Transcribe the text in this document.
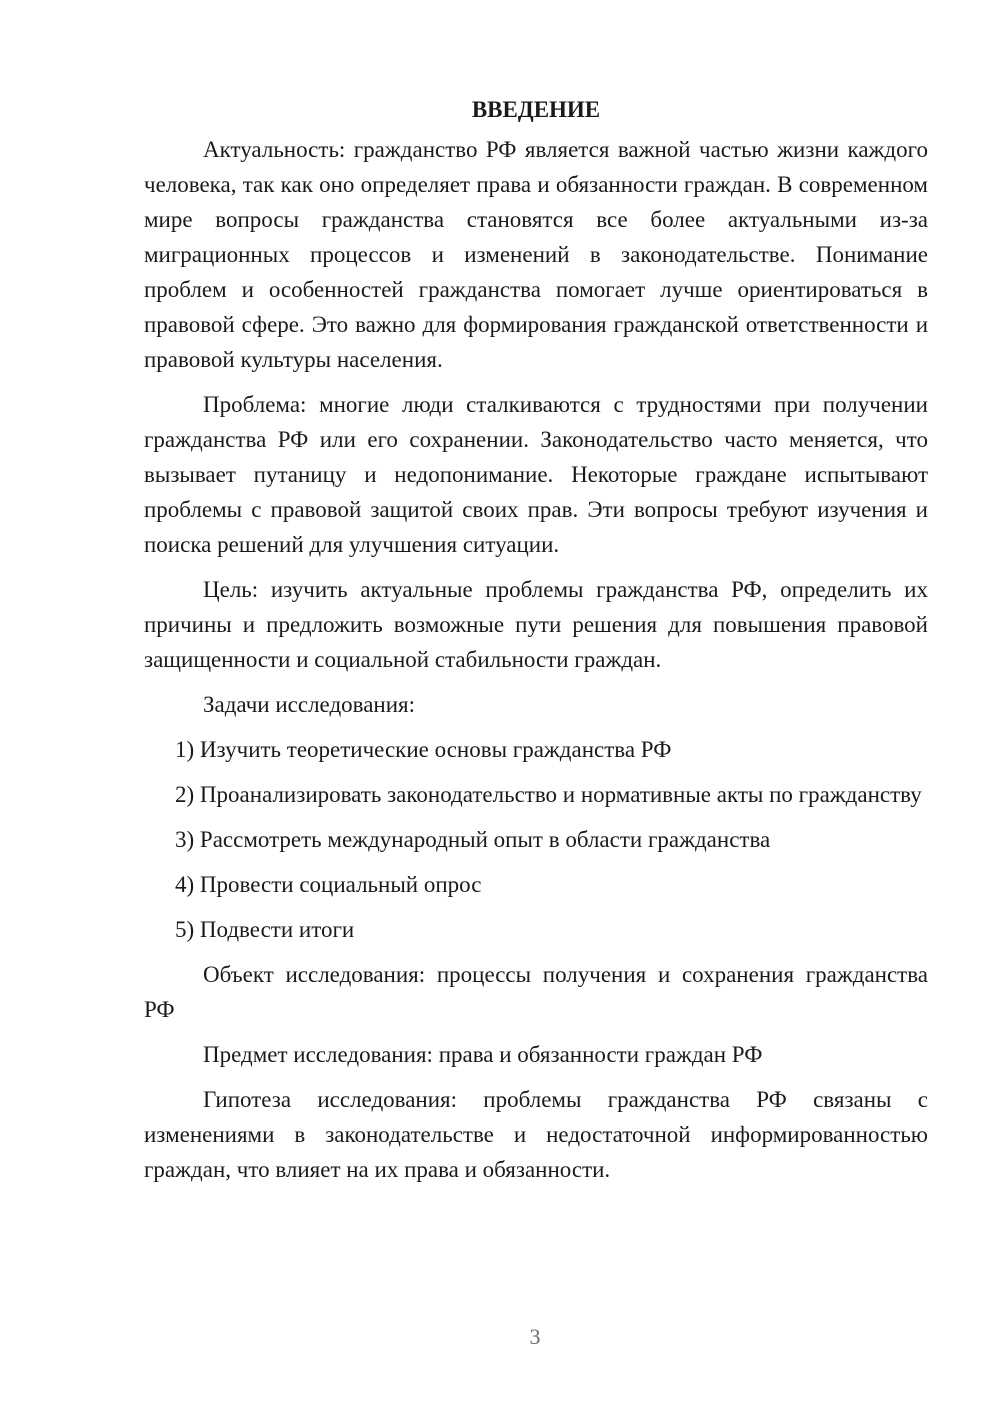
ВВЕДЕНИЕ

Актуальность: гражданство РФ является важной частью жизни каждого человека, так как оно определяет права и обязанности граждан. В современном мире вопросы гражданства становятся все более актуальными из-за миграционных процессов и изменений в законодательстве. Понимание проблем и особенностей гражданства помогает лучше ориентироваться в правовой сфере. Это важно для формирования гражданской ответственности и правовой культуры населения.

Проблема: многие люди сталкиваются с трудностями при получении гражданства РФ или его сохранении. Законодательство часто меняется, что вызывает путаницу и недопонимание. Некоторые граждане испытывают проблемы с правовой защитой своих прав. Эти вопросы требуют изучения и поиска решений для улучшения ситуации.

Цель: изучить актуальные проблемы гражданства РФ, определить их причины и предложить возможные пути решения для повышения правовой защищенности и социальной стабильности граждан.

Задачи исследования:

1) Изучить теоретические основы гражданства РФ

2) Проанализировать законодательство и нормативные акты по гражданству

3) Рассмотреть международный опыт в области гражданства

4) Провести социальный опрос

5) Подвести итоги

Объект исследования: процессы получения и сохранения гражданства РФ

Предмет исследования: права и обязанности граждан РФ

Гипотеза исследования: проблемы гражданства РФ связаны с изменениями в законодательстве и недостаточной информированностью граждан, что влияет на их права и обязанности.

3
